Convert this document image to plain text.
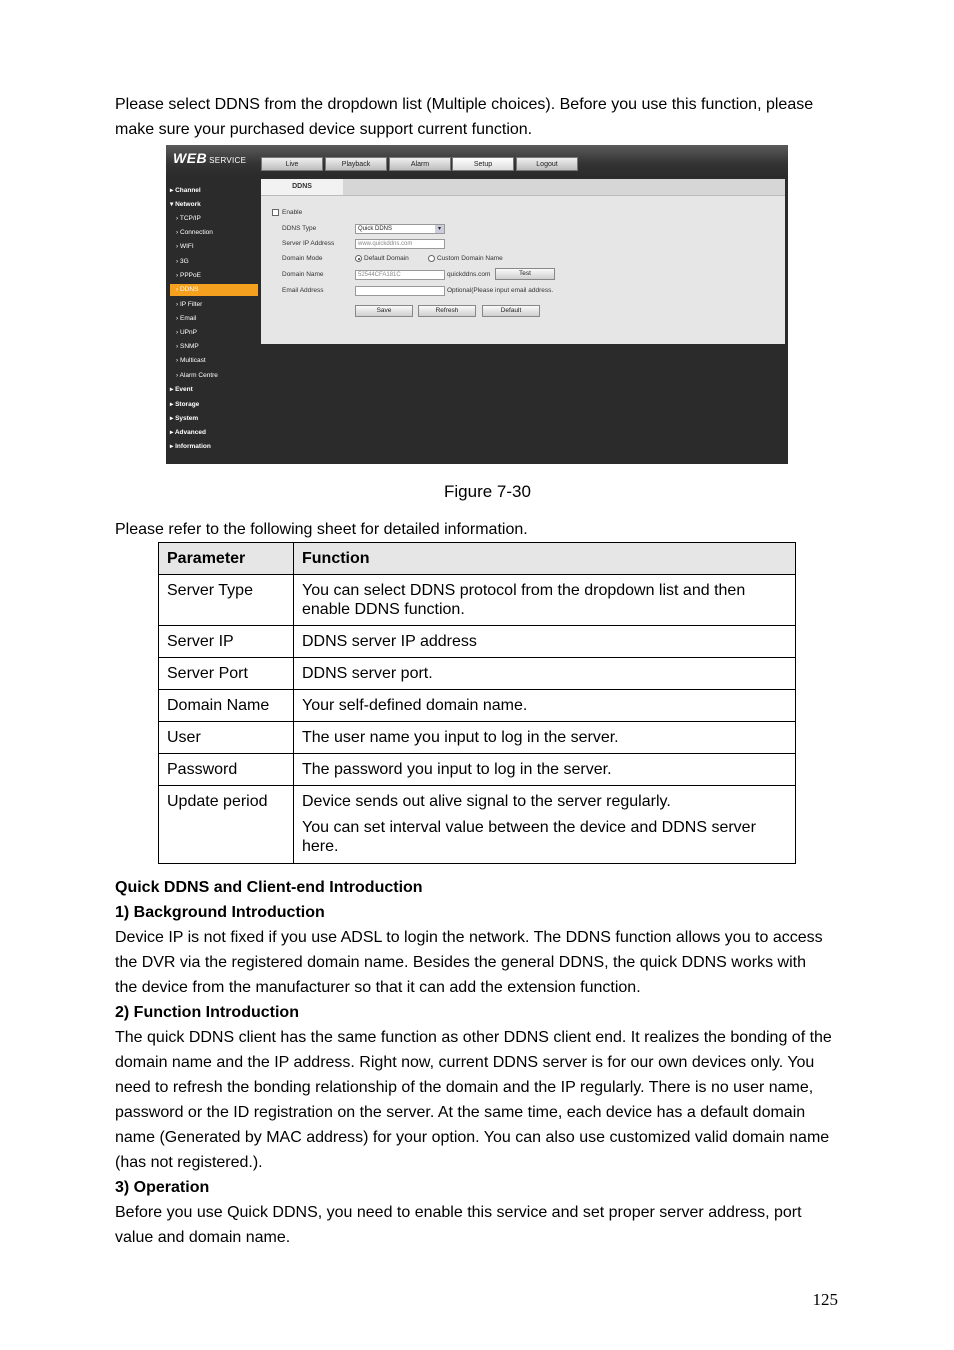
Please select DDNS from the dropdown list (Multiple choices). Before you use this function, please make sure your purchased device support current function.

WEB SERVICE	Live	Playback	Alarm	Setup	Logout
▸ Channel
▾ Network
› TCP/IP
› Connection
› WIFI
› 3G
› PPPoE
› DDNS
› IP Filter
› Email
› UPnP
› SNMP
› Multicast
› Alarm Centre
▸ Event
▸ Storage
▸ System
▸ Advanced
▸ Information
Enable
DDNS Type	Quick DDNS	▾
Server IP Address	www.quickddns.com
Domain Mode	Default Domain	Custom Domain Name
Domain Name	52544CFA181C	quickddns.com	Test
Email Address	Optional(Please input email address.
Save	Refresh	Default
DDNS

Figure 7-30

Please refer to the following sheet for detailed information.

Parameter	Function
Server Type	You can select DDNS protocol from the dropdown list and then enable DDNS function.
Server IP	DDNS server IP address
Server Port	DDNS server port.
Domain Name	Your self-defined domain name.
User	The user name you input to log in the server.
Password	The password you input to log in the server.
Update period	Device sends out alive signal to the server regularly.
You can set interval value between the device and DDNS server here.

Quick DDNS and Client-end Introduction

1) Background Introduction

Device IP is not fixed if you use ADSL to login the network. The DDNS function allows you to access the DVR via the registered domain name. Besides the general DDNS, the quick DDNS works with the device from the manufacturer so that it can add the extension function.

2) Function Introduction

The quick DDNS client has the same function as other DDNS client end. It realizes the bonding of the domain name and the IP address. Right now, current DDNS server is for our own devices only. You need to refresh the bonding relationship of the domain and the IP regularly. There is no user name, password or the ID registration on the server. At the same time, each device has a default domain name (Generated by MAC address) for your option. You can also use customized valid domain name (has not registered.).

3) Operation

Before you use Quick DDNS, you need to enable this service and set proper server address, port value and domain name.

125
